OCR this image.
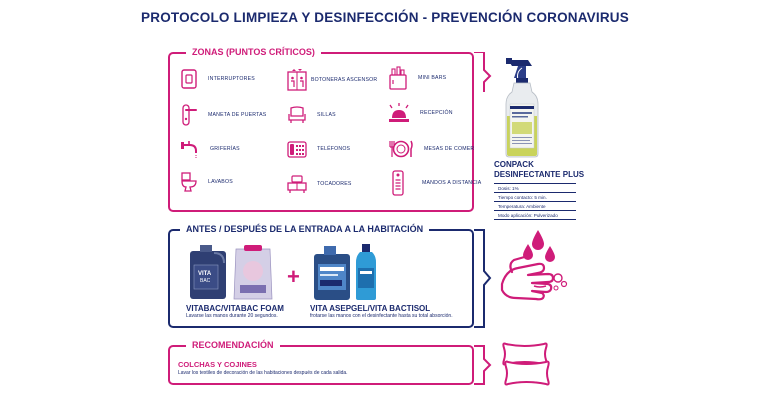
PROTOCOLO LIMPIEZA Y DESINFECCIÓN - PREVENCIÓN CORONAVIRUS
ZONAS (PUNTOS CRÍTICOS)
INTERRUPTORES
MANETA DE PUERTAS
GRIFERÍAS
LAVABOS
BOTONERAS ASCENSOR
SILLAS
TELÉFONOS
TOCADORES
MINI BARS
RECEPCIÓN
MESAS DE COMER
MANDOS A DISTANCIA
CONPACK
DESINFECTANTE PLUS
Dosis: 1%
Tiempo contacto: 5 min.
Temperatura: Ambiente
Modo aplicación: Pulverizado
ANTES / DESPUÉS DE LA ENTRADA A LA HABITACIÓN
VITA
BAC	+
VITABAC/VITABAC FOAM
Lavarse las manos durante 20 segundos.
VITA ASEPGEL/VITA BACTISOL
frotarse las manos con el desinfectante hasta su total absorción.
RECOMENDACIÓN
COLCHAS Y COJINES
Lavar los textiles de decoración de las habitaciones después de cada salida.
